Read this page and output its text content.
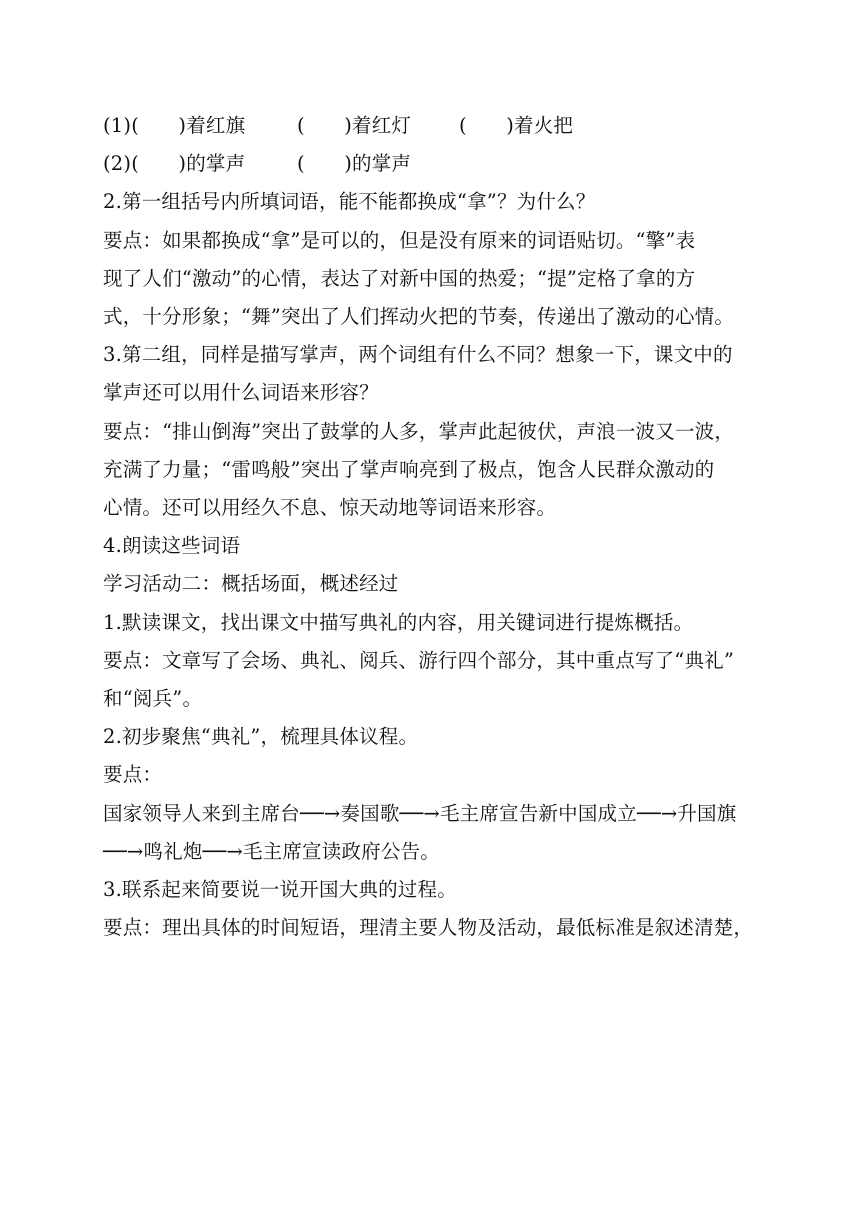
(1)(　　)着红旗	(　　)着红灯	(　　)着火把
(2)(　　)的掌声	(　　)的掌声
2.第一组括号内所填词语，能不能都换成“拿”？为什么？
要点：如果都换成“拿”是可以的，但是没有原来的词语贴切。“擎”表
现了人们“激动”的心情，表达了对新中国的热爱；“提”定格了拿的方
式，十分形象；“舞”突出了人们挥动火把的节奏，传递出了激动的心情。
3.第二组，同样是描写掌声，两个词组有什么不同？想象一下，课文中的
掌声还可以用什么词语来形容？
要点：“排山倒海”突出了鼓掌的人多，掌声此起彼伏，声浪一波又一波，
充满了力量；“雷鸣般”突出了掌声响亮到了极点，饱含人民群众激动的
心情。还可以用经久不息、惊天动地等词语来形容。
4.朗读这些词语
学习活动二：概括场面，概述经过
1.默读课文，找出课文中描写典礼的内容，用关键词进行提炼概括。
要点：文章写了会场、典礼、阅兵、游行四个部分，其中重点写了“典礼”
和“阅兵”。
2.初步聚焦“典礼”，梳理具体议程。
要点：
国家领导人来到主席台──→奏国歌──→毛主席宣告新中国成立──→升国旗
──→鸣礼炮──→毛主席宣读政府公告。
3.联系起来简要说一说开国大典的过程。
要点：理出具体的时间短语，理清主要人物及活动，最低标准是叙述清楚，
